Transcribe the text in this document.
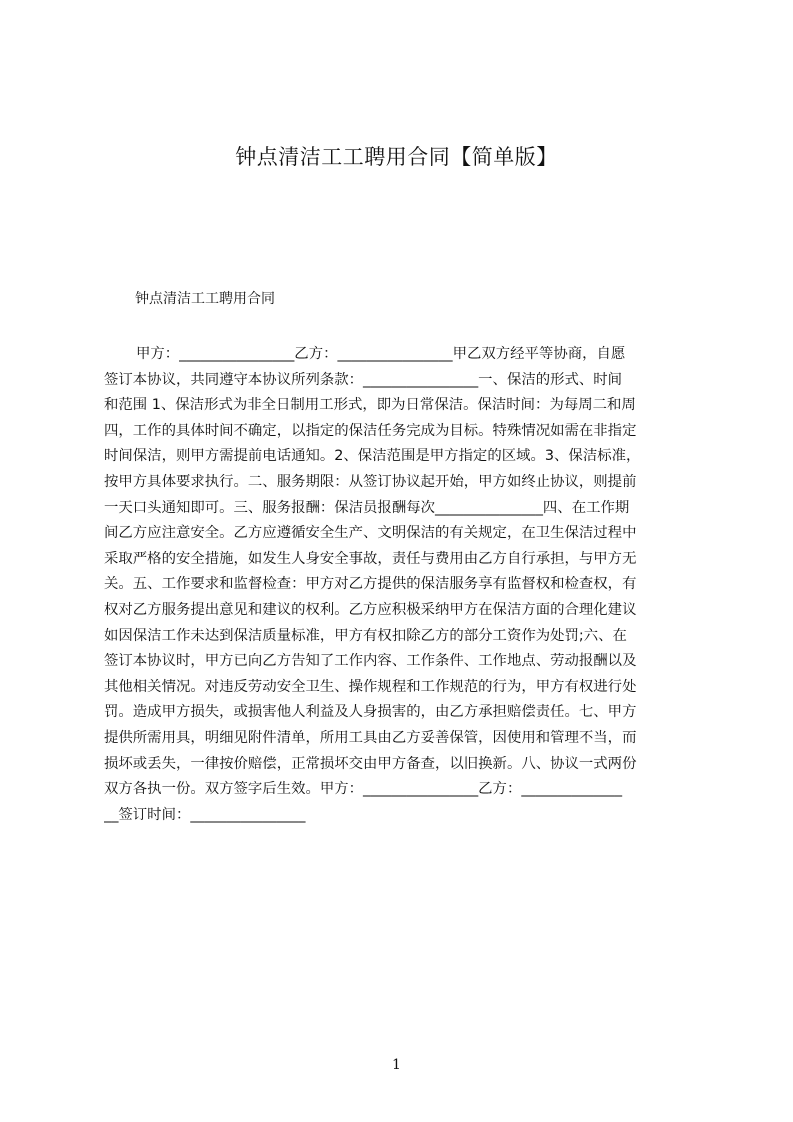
钟点清洁工工聘用合同【简单版】
钟点清洁工工聘用合同
甲方：________________乙方：________________甲乙双方经平等协商，自愿
签订本协议，共同遵守本协议所列条款：________________一、保洁的形式、时间
和范围 1、保洁形式为非全日制用工形式，即为日常保洁。保洁时间：为每周二和周
四，工作的具体时间不确定，以指定的保洁任务完成为目标。特殊情况如需在非指定
时间保洁，则甲方需提前电话通知。2、保洁范围是甲方指定的区域。3、保洁标准，
按甲方具体要求执行。二、服务期限：从签订协议起开始，甲方如终止协议，则提前
一天口头通知即可。三、服务报酬：保洁员报酬每次_______________四、在工作期
间乙方应注意安全。乙方应遵循安全生产、文明保洁的有关规定，在卫生保洁过程中
采取严格的安全措施，如发生人身安全事故，责任与费用由乙方自行承担，与甲方无
关。五、工作要求和监督检查：甲方对乙方提供的保洁服务享有监督权和检查权，有
权对乙方服务提出意见和建议的权利。乙方应积极采纳甲方在保洁方面的合理化建议
如因保洁工作未达到保洁质量标准，甲方有权扣除乙方的部分工资作为处罚;六、在
签订本协议时，甲方已向乙方告知了工作内容、工作条件、工作地点、劳动报酬以及
其他相关情况。对违反劳动安全卫生、操作规程和工作规范的行为，甲方有权进行处
罚。造成甲方损失，或损害他人利益及人身损害的，由乙方承担赔偿责任。七、甲方
提供所需用具，明细见附件清单，所用工具由乙方妥善保管，因使用和管理不当，而
损坏或丢失，一律按价赔偿，正常损坏交由甲方备查，以旧换新。八、协议一式两份
双方各执一份。双方签字后生效。甲方：________________乙方：______________
__签订时间：________________
1
